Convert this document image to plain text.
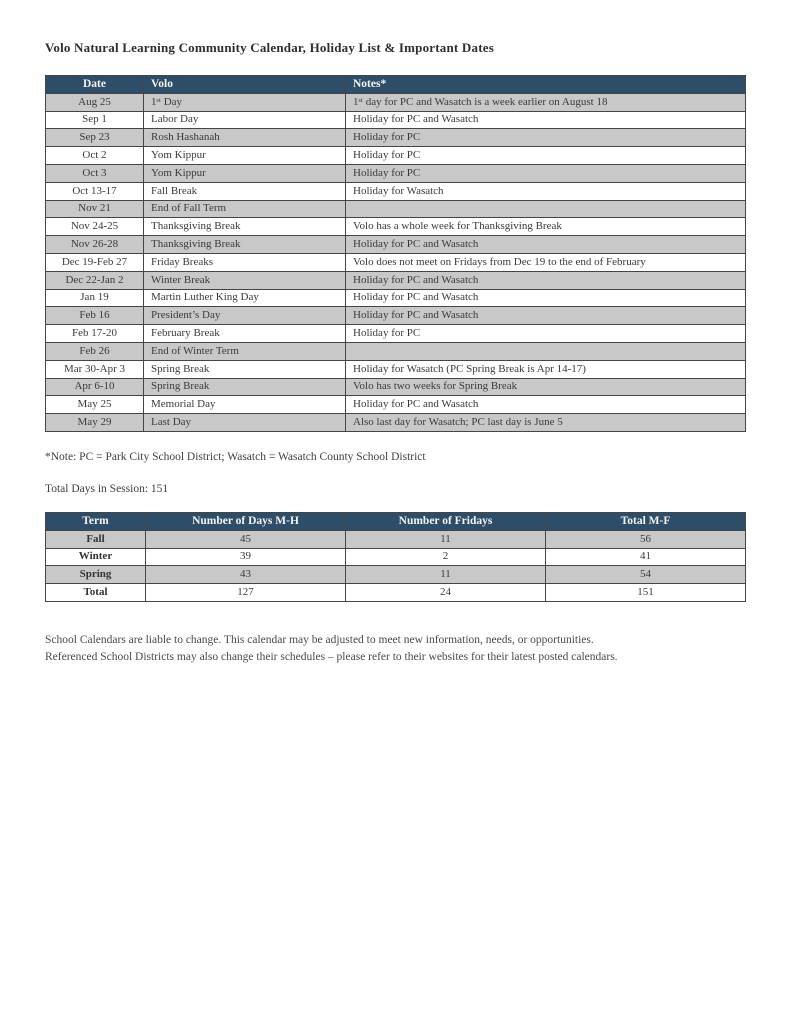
Volo Natural Learning Community Calendar, Holiday List & Important Dates

Date	Volo	Notes*
Aug 25	1ˢᵗ Day	1ˢᵗ day for PC and Wasatch is a week earlier on August 18
Sep 1	Labor Day	Holiday for PC and Wasatch
Sep 23	Rosh Hashanah	Holiday for PC
Oct 2	Yom Kippur	Holiday for PC
Oct 3	Yom Kippur	Holiday for PC
Oct 13-17	Fall Break	Holiday for Wasatch
Nov 21	End of Fall Term	
Nov 24-25	Thanksgiving Break	Volo has a whole week for Thanksgiving Break
Nov 26-28	Thanksgiving Break	Holiday for PC and Wasatch
Dec 19-Feb 27	Friday Breaks	Volo does not meet on Fridays from Dec 19 to the end of February
Dec 22-Jan 2	Winter Break	Holiday for PC and Wasatch
Jan 19	Martin Luther King Day	Holiday for PC and Wasatch
Feb 16	President’s Day	Holiday for PC and Wasatch
Feb 17-20	February Break	Holiday for PC
Feb 26	End of Winter Term	
Mar 30-Apr 3	Spring Break	Holiday for Wasatch (PC Spring Break is Apr 14-17)
Apr 6-10	Spring Break	Volo has two weeks for Spring Break
May 25	Memorial Day	Holiday for PC and Wasatch
May 29	Last Day	Also last day for Wasatch; PC last day is June 5

*Note: PC = Park City School District; Wasatch = Wasatch County School District

Total Days in Session: 151

Term	Number of Days M-H	Number of Fridays	Total M-F
Fall	45	11	56
Winter	39	2	41
Spring	43	11	54
Total	127	24	151

School Calendars are liable to change. This calendar may be adjusted to meet new information, needs, or opportunities.
Referenced School Districts may also change their schedules – please refer to their websites for their latest posted calendars.
